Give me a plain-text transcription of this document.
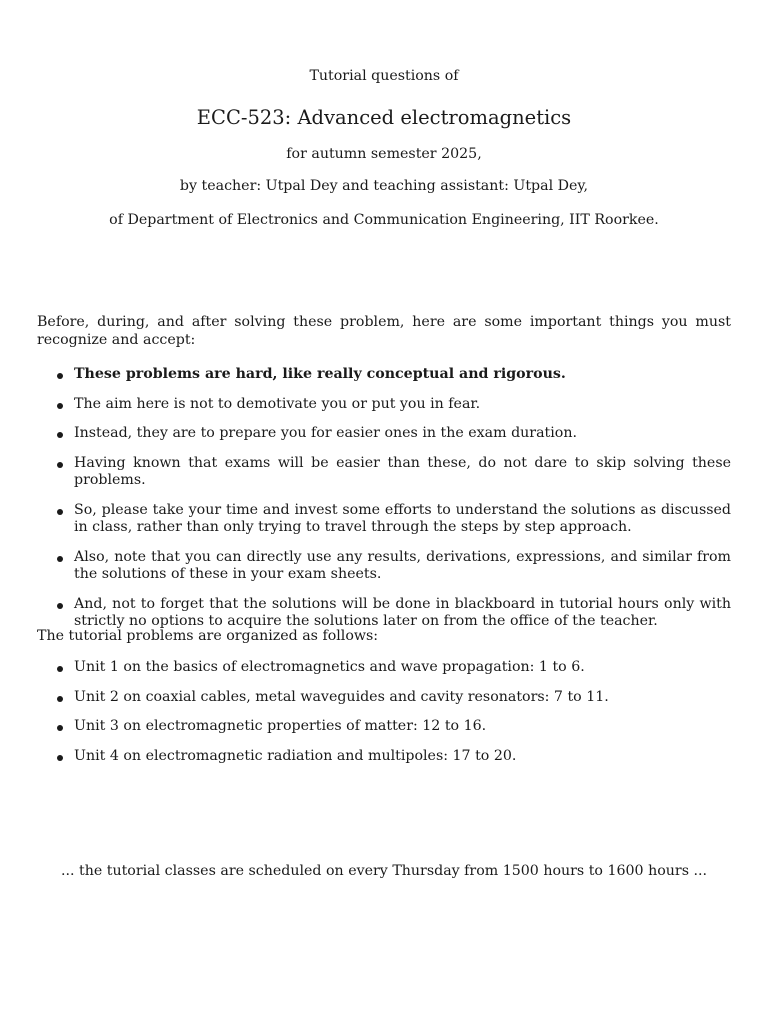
Tutorial questions of
ECC-523: Advanced electromagnetics
for autumn semester 2025,
by teacher: Utpal Dey and teaching assistant: Utpal Dey,
of Department of Electronics and Communication Engineering, IIT Roorkee.
Before, during, and after solving these problem, here are some important things you must recognize and accept:
These problems are hard, like really conceptual and rigorous.
The aim here is not to demotivate you or put you in fear.
Instead, they are to prepare you for easier ones in the exam duration.
Having known that exams will be easier than these, do not dare to skip solving these problems.
So, please take your time and invest some efforts to understand the solutions as discussed in class, rather than only trying to travel through the steps by step approach.
Also, note that you can directly use any results, derivations, expressions, and similar from the solutions of these in your exam sheets.
And, not to forget that the solutions will be done in blackboard in tutorial hours only with strictly no options to acquire the solutions later on from the office of the teacher.
The tutorial problems are organized as follows:
Unit 1 on the basics of electromagnetics and wave propagation: 1 to 6.
Unit 2 on coaxial cables, metal waveguides and cavity resonators: 7 to 11.
Unit 3 on electromagnetic properties of matter: 12 to 16.
Unit 4 on electromagnetic radiation and multipoles: 17 to 20.
... the tutorial classes are scheduled on every Thursday from 1500 hours to 1600 hours ...
